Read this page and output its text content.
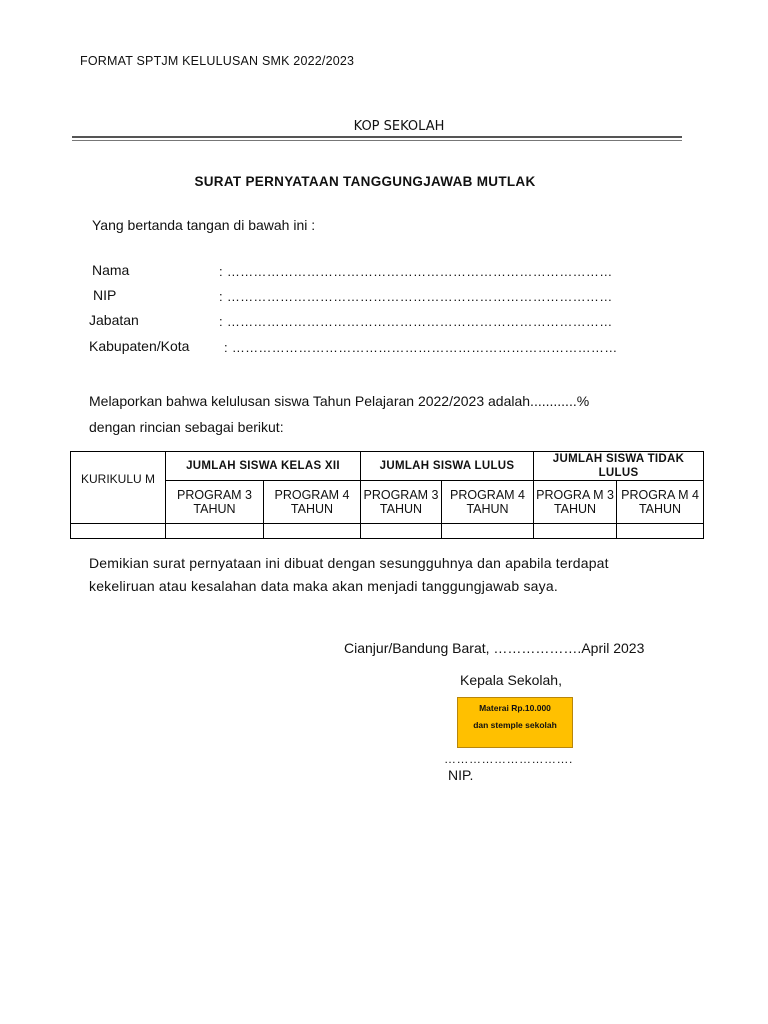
FORMAT SPTJM KELULUSAN SMK 2022/2023
KOP SEKOLAH
SURAT PERNYATAAN TANGGUNGJAWAB MUTLAK
Yang bertanda tangan di bawah ini :
Nama	: ……………………………………………………………………………
NIP	: ……………………………………………………………………………
Jabatan	: ……………………………………………………………………………
Kabupaten/Kota	: ……………………………………………………………………………
Melaporkan bahwa kelulusan siswa Tahun Pelajaran 2022/2023 adalah............%
dengan rincian sebagai berikut:
KURIKULU M	JUMLAH SISWA KELAS XII		JUMLAH SISWA LULUS		JUMLAH SISWA TIDAK LULUS	
	PROGRAM 3 TAHUN	PROGRAM 4 TAHUN	PROGRAM 3 TAHUN	PROGRAM 4 TAHUN	PROGRA M 3 TAHUN	PROGRA M 4 TAHUN

Demikian surat pernyataan ini dibuat dengan sesungguhnya dan apabila terdapat
kekeliruan atau kesalahan data maka akan menjadi tanggungjawab saya.
Cianjur/Bandung Barat, ……………….April 2023
Kepala Sekolah,
Materai Rp.10.000
dan stemple sekolah
………………………….
NIP.
